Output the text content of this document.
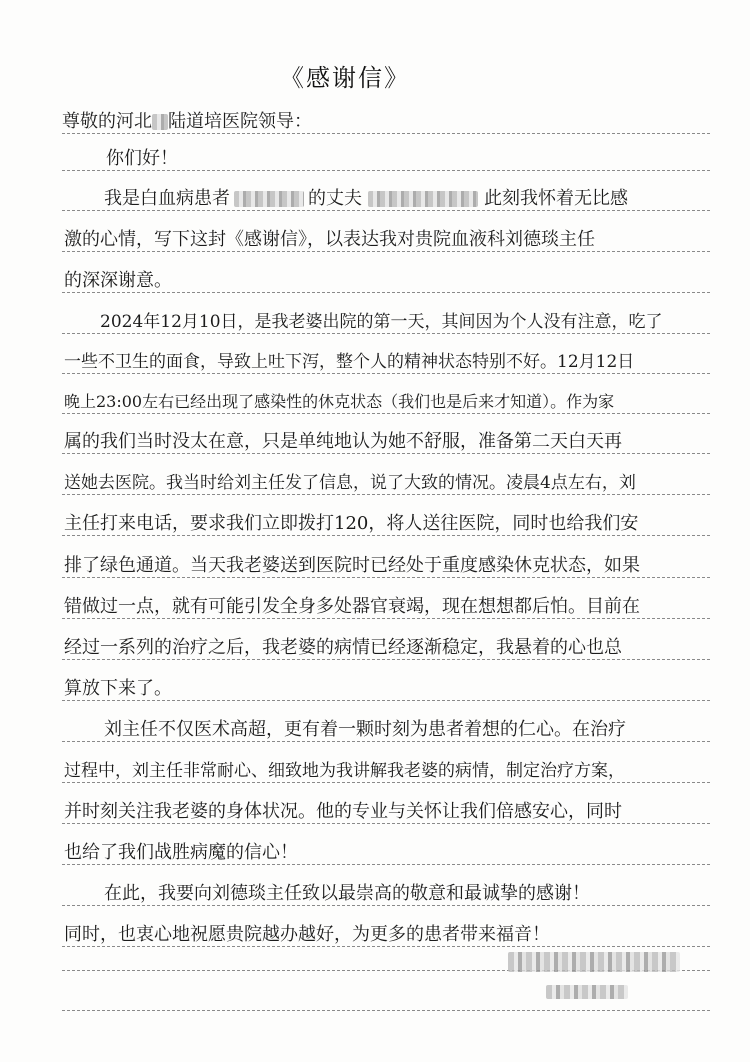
《感谢信》
尊敬的河北 陆道培医院领导：
你们好！
我是白血病患者	的丈夫	此刻我怀着无比感
激的心情，写下这封《感谢信》，以表达我对贵院血液科刘德琰主任
的深深谢意。
2024年12月10日，是我老婆出院的第一天，其间因为个人没有注意，吃了
一些不卫生的面食，导致上吐下泻，整个人的精神状态特别不好。12月12日
晚上23:00左右已经出现了感染性的休克状态（我们也是后来才知道）。作为家
属的我们当时没太在意，只是单纯地认为她不舒服，准备第二天白天再
送她去医院。我当时给刘主任发了信息，说了大致的情况。凌晨4点左右，刘
主任打来电话，要求我们立即拨打120，将人送往医院，同时也给我们安
排了绿色通道。当天我老婆送到医院时已经处于重度感染休克状态，如果
错做过一点，就有可能引发全身多处器官衰竭，现在想想都后怕。目前在
经过一系列的治疗之后，我老婆的病情已经逐渐稳定，我悬着的心也总
算放下来了。
刘主任不仅医术高超，更有着一颗时刻为患者着想的仁心。在治疗
过程中，刘主任非常耐心、细致地为我讲解我老婆的病情，制定治疗方案，
并时刻关注我老婆的身体状况。他的专业与关怀让我们倍感安心，同时
也给了我们战胜病魔的信心！
在此，我要向刘德琰主任致以最崇高的敬意和最诚挚的感谢！
同时，也衷心地祝愿贵院越办越好，为更多的患者带来福音！
